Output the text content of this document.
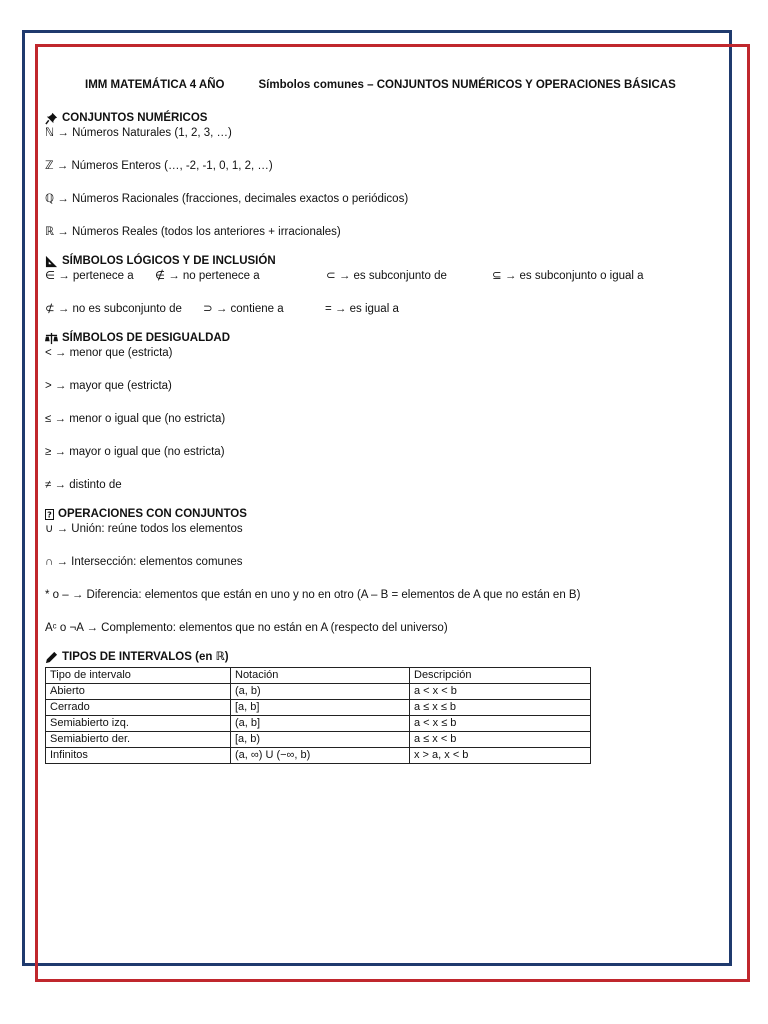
IMM MATEMÁTICA 4 AÑO	Símbolos comunes – CONJUNTOS NUMÉRICOS Y OPERACIONES BÁSICAS
CONJUNTOS NUMÉRICOS
ℕ → Números Naturales (1, 2, 3, …)
ℤ → Números Enteros (…, -2, -1, 0, 1, 2, …)
ℚ → Números Racionales (fracciones, decimales exactos o periódicos)
ℝ → Números Reales (todos los anteriores + irracionales)
SÍMBOLOS LÓGICOS Y DE INCLUSIÓN
∈ → pertenece a	∉ → no pertenece a	⊂ → es subconjunto de	⊆ → es subconjunto o igual a
⊄ → no es subconjunto de	⊃ → contiene a	= → es igual a
SÍMBOLOS DE DESIGUALDAD
< → menor que (estricta)
> → mayor que (estricta)
≤ → menor o igual que (no estricta)
≥ → mayor o igual que (no estricta)
≠ → distinto de
? OPERACIONES CON CONJUNTOS
∪ → Unión: reúne todos los elementos
∩ → Intersección: elementos comunes
* o – → Diferencia: elementos que están en uno y no en otro (A – B = elementos de A que no están en B)
Aᶜ o ¬A → Complemento: elementos que no están en A (respecto del universo)
TIPOS DE INTERVALOS (en ℝ)
Tipo de intervalo	Notación	Descripción
Abierto	(a, b)	a < x < b
Cerrado	[a, b]	a ≤ x ≤ b
Semiabierto izq.	(a, b]	a < x ≤ b
Semiabierto der.	[a, b)	a ≤ x < b
Infinitos	(a, ∞) U (−∞, b)	x > a, x < b
